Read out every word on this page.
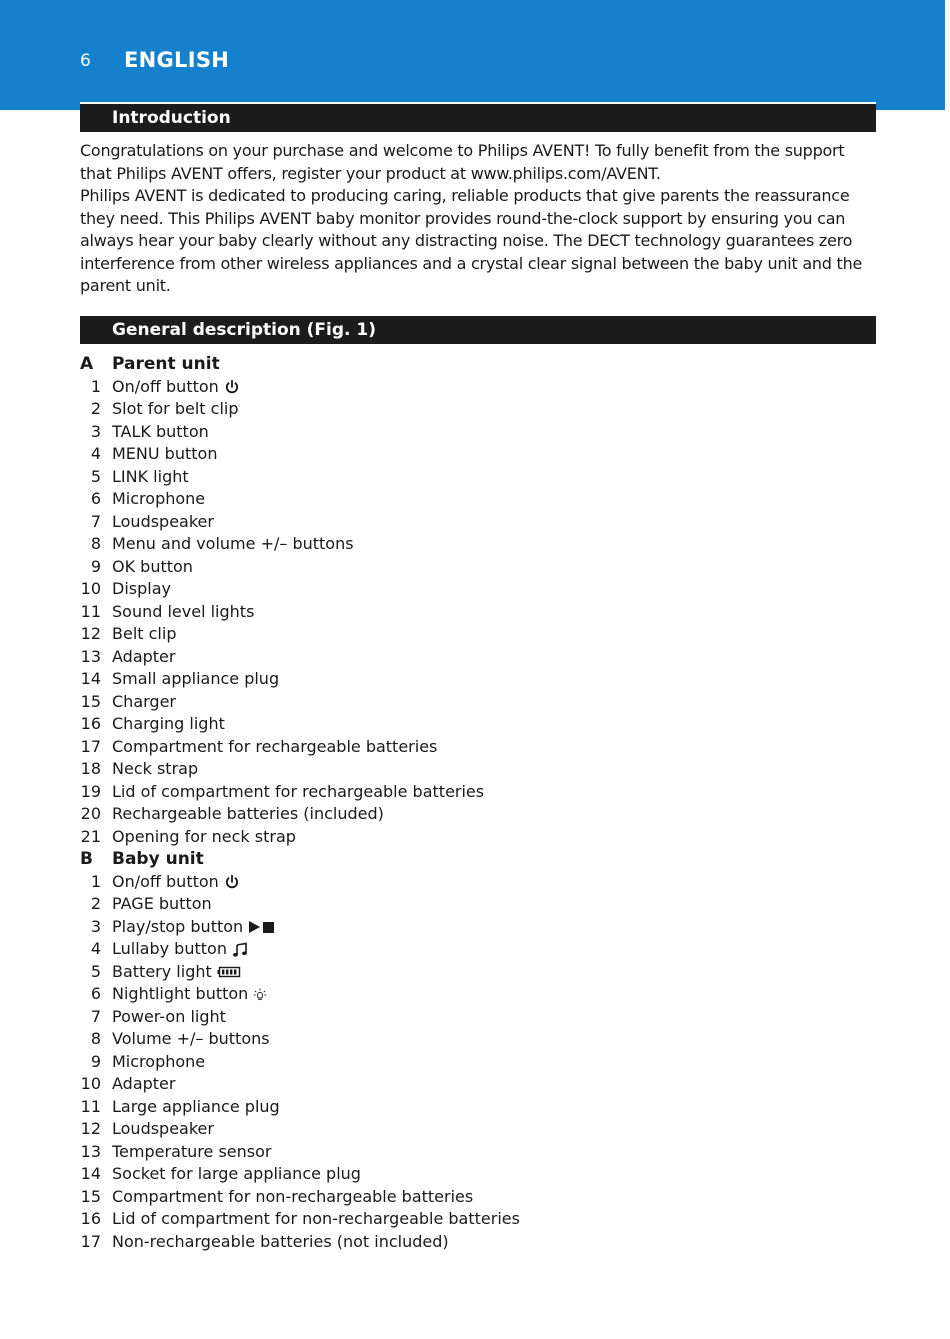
6 ENGLISH
Introduction

Congratulations on your purchase and welcome to Philips AVENT! To fully benefit from the support that Philips AVENT offers, register your product at www.philips.com/AVENT.

Philips AVENT is dedicated to producing caring, reliable products that give parents the reassurance they need. This Philips AVENT baby monitor provides round-the-clock support by ensuring you can always hear your baby clearly without any distracting noise. The DECT technology guarantees zero interference from other wireless appliances and a crystal clear signal between the baby unit and the parent unit.

General description (Fig. 1)
A Parent unit
1 On/off button
2 Slot for belt clip
3 TALK button
4 MENU button
5 LINK light
6 Microphone
7 Loudspeaker
8 Menu and volume +/– buttons
9 OK button
10 Display
11 Sound level lights
12 Belt clip
13 Adapter
14 Small appliance plug
15 Charger
16 Charging light
17 Compartment for rechargeable batteries
18 Neck strap
19 Lid of compartment for rechargeable batteries
20 Rechargeable batteries (included)
21 Opening for neck strap
B Baby unit
1 On/off button
2 PAGE button
3 Play/stop button
4 Lullaby button
5 Battery light
6 Nightlight button
7 Power-on light
8 Volume +/– buttons
9 Microphone
10 Adapter
11 Large appliance plug
12 Loudspeaker
13 Temperature sensor
14 Socket for large appliance plug
15 Compartment for non-rechargeable batteries
16 Lid of compartment for non-rechargeable batteries
17 Non-rechargeable batteries (not included)
